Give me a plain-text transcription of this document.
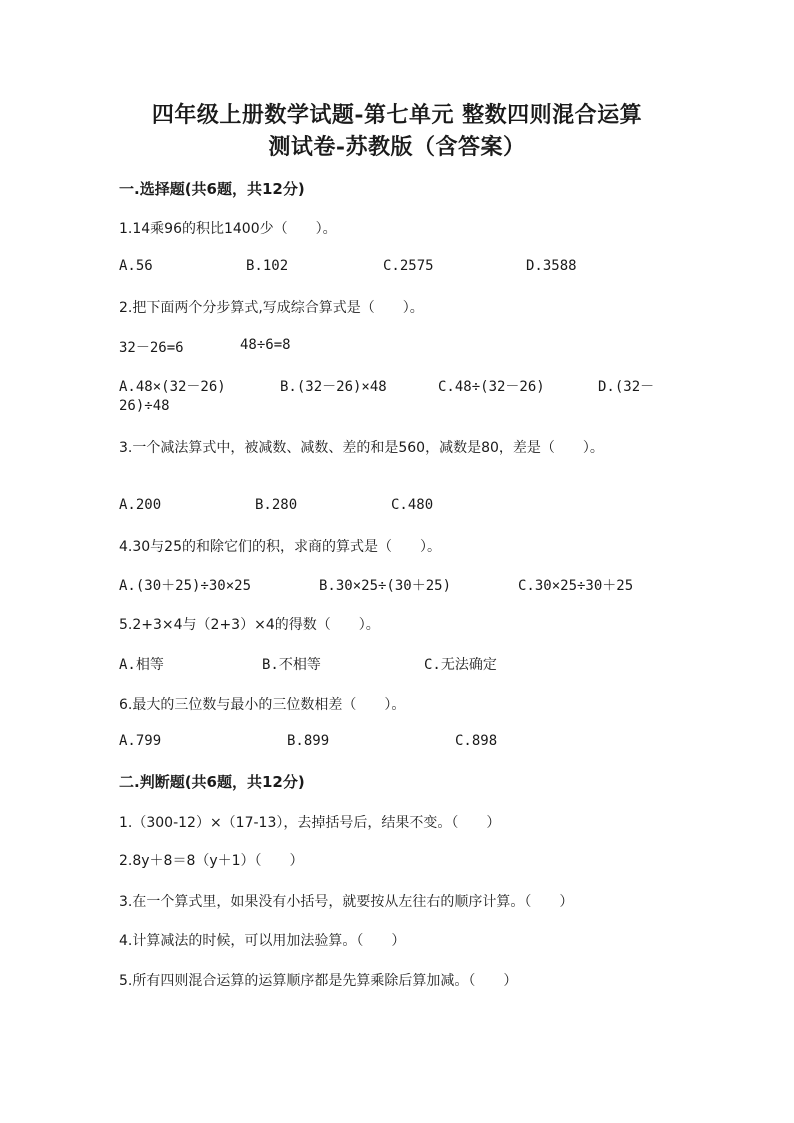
四年级上册数学试题-第七单元 整数四则混合运算
测试卷-苏教版（含答案）
一.选择题(共6题，共12分)
1.14乘96的积比1400少（　　）。
A.56	B.102	C.2575	D.3588
2.把下面两个分步算式,写成综合算式是（　　）。
32－26=6	48÷6=8
A.48×(32－26)	B.(32－26)×48	C.48÷(32－26)	D.(32－
26)÷48
3.一个减法算式中，被减数、减数、差的和是560，减数是80，差是（　　）。
A.200	B.280	C.480
4.30与25的和除它们的积，求商的算式是（　　）。
A.(30＋25)÷30×25	B.30×25÷(30＋25)	C.30×25÷30＋25
5.2+3×4与（2+3）×4的得数（　　）。
A.相等	B.不相等	C.无法确定
6.最大的三位数与最小的三位数相差（　　）。
A.799	B.899	C.898
二.判断题(共6题，共12分)
1.（300-12）×（17-13），去掉括号后，结果不变。（　　）
2.8y＋8＝8（y＋1）（　　）
3.在一个算式里，如果没有小括号，就要按从左往右的顺序计算。（　　）
4.计算减法的时候，可以用加法验算。（　　）
5.所有四则混合运算的运算顺序都是先算乘除后算加减。（　　）
